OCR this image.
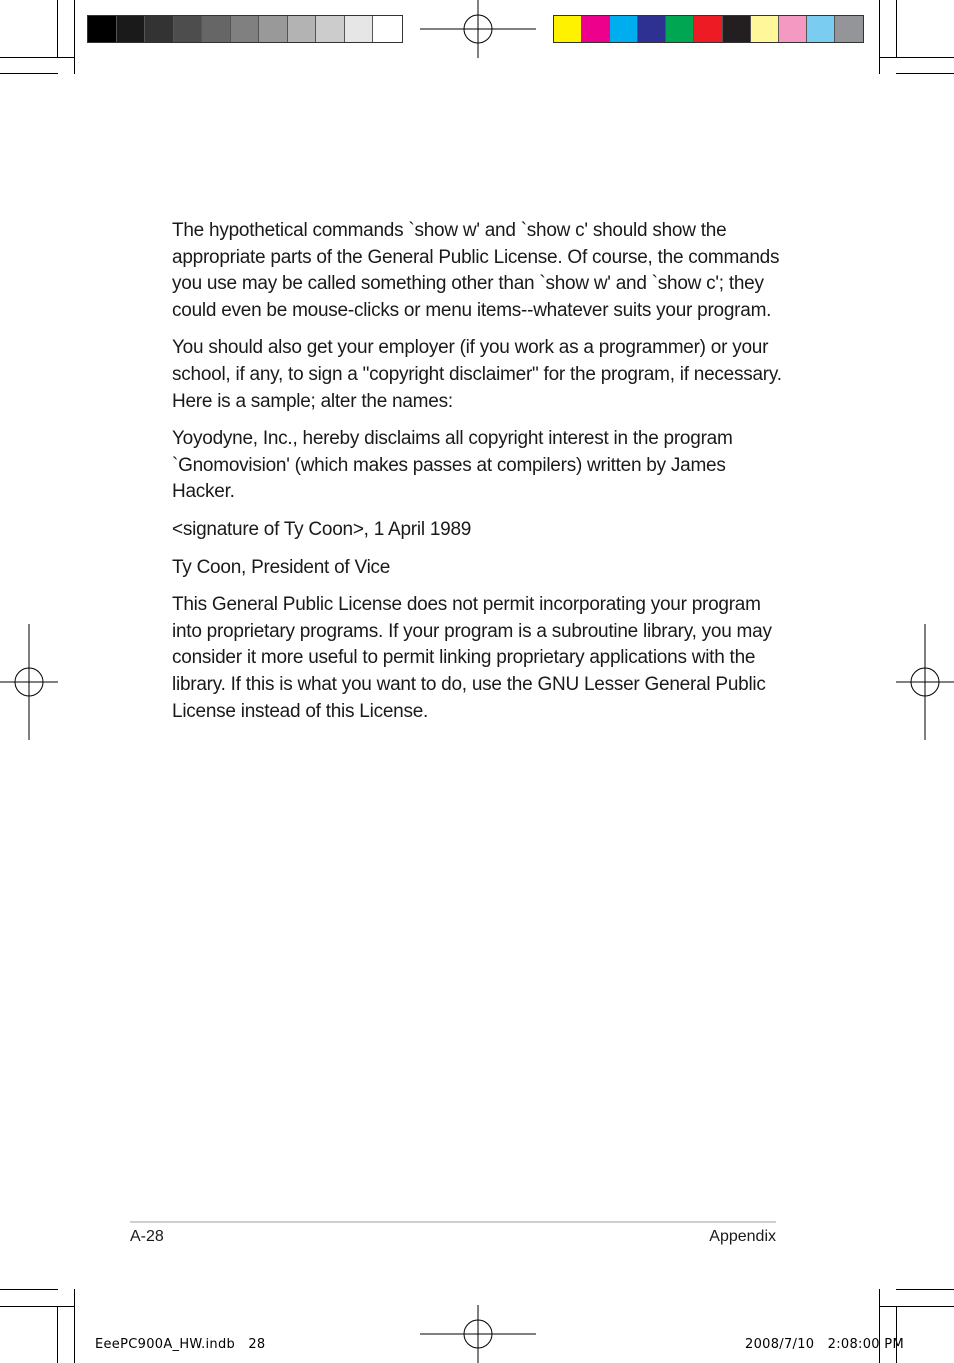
The hypothetical commands `show w' and `show c' should show the appropriate parts of the General Public License. Of course, the commands you use may be called something other than `show w' and `show c'; they could even be mouse-clicks or menu items--whatever suits your program.

You should also get your employer (if you work as a programmer) or your school, if any, to sign a "copyright disclaimer" for the program, if necessary. Here is a sample; alter the names:

Yoyodyne, Inc., hereby disclaims all copyright interest in the program `Gnomovision' (which makes passes at compilers) written by James Hacker.

<signature of Ty Coon>, 1 April 1989

Ty Coon, President of Vice

This General Public License does not permit incorporating your program into proprietary programs. If your program is a subroutine library, you may consider it more useful to permit linking proprietary applications with the library. If this is what you want to do, use the GNU Lesser General Public License instead of this License.

A-28	Appendix
EeePC900A_HW.indb   28	2008/7/10   2:08:00 PM
